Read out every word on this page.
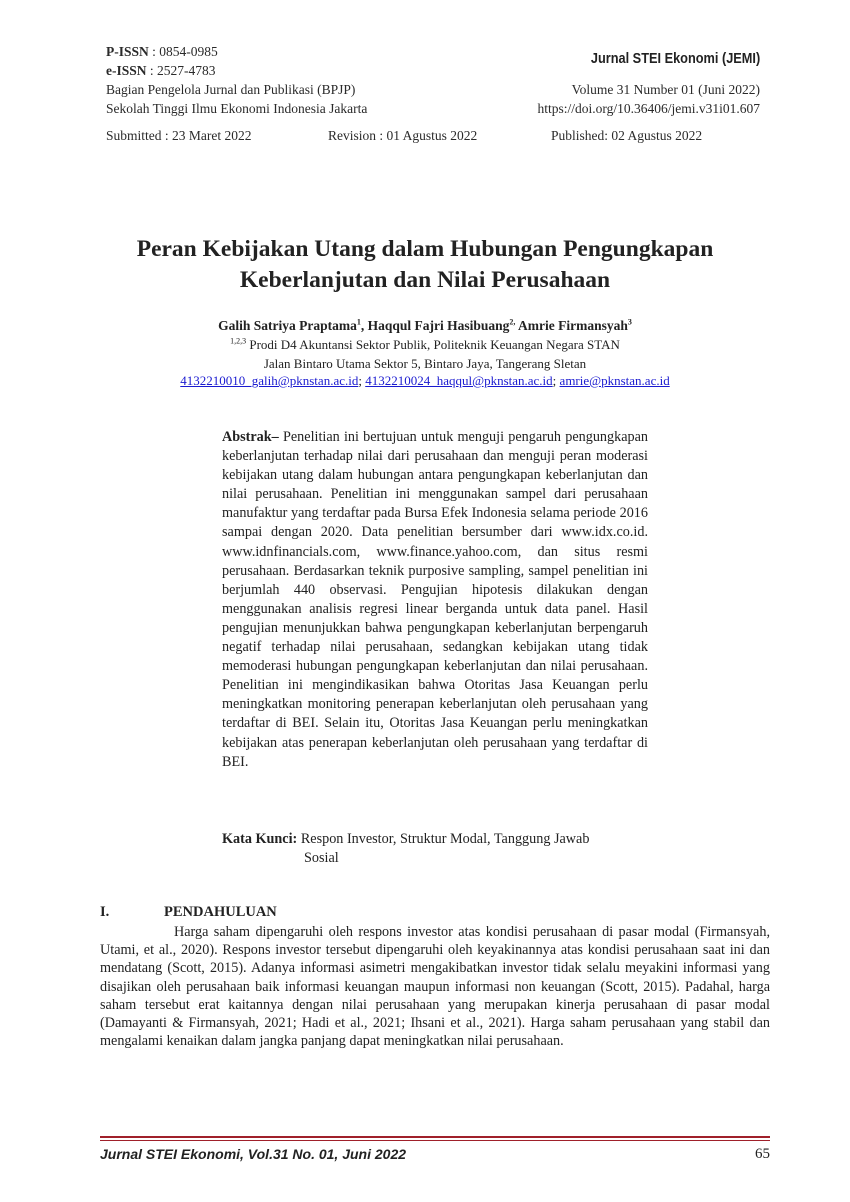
P-ISSN : 0854-0985
e-ISSN : 2527-4783
Bagian Pengelola Jurnal dan Publikasi (BPJP)
Sekolah Tinggi Ilmu Ekonomi Indonesia Jakarta
Jurnal STEI Ekonomi (JEMI)
Volume 31 Number 01 (Juni 2022)
https://doi.org/10.36406/jemi.v31i01.607
Submitted : 23 Maret 2022	Revision : 01 Agustus 2022	Published: 02 Agustus 2022
Peran Kebijakan Utang dalam Hubungan Pengungkapan
Keberlanjutan dan Nilai Perusahaan
Galih Satriya Praptama$^1$, Haqqul Fajri Hasibuang$^{2,}$ Amrie Firmansyah$^3$
$^{1,2,3}$ Prodi D4 Akuntansi Sektor Publik, Politeknik Keuangan Negara STAN
Jalan Bintaro Utama Sektor 5, Bintaro Jaya, Tangerang Sletan
4132210010_galih@pknstan.ac.id; 4132210024_haqqul@pknstan.ac.id; amrie@pknstan.ac.id
Abstrak– Penelitian ini bertujuan untuk menguji pengaruh pengungkapan keberlanjutan terhadap nilai dari perusahaan dan menguji peran moderasi kebijakan utang dalam hubungan antara pengungkapan keberlanjutan dan nilai perusahaan. Penelitian ini menggunakan sampel dari perusahaan manufaktur yang terdaftar pada Bursa Efek Indonesia selama periode 2016 sampai dengan 2020. Data penelitian bersumber dari www.idx.co.id. www.idnfinancials.com, www.finance.yahoo.com, dan situs resmi perusahaan. Berdasarkan teknik purposive sampling, sampel penelitian ini berjumlah 440 observasi. Pengujian hipotesis dilakukan dengan menggunakan analisis regresi linear berganda untuk data panel. Hasil pengujian menunjukkan bahwa pengungkapan keberlanjutan berpengaruh negatif terhadap nilai perusahaan, sedangkan kebijakan utang tidak memoderasi hubungan pengungkapan keberlanjutan dan nilai perusahaan. Penelitian ini mengindikasikan bahwa Otoritas Jasa Keuangan perlu meningkatkan monitoring penerapan keberlanjutan oleh perusahaan yang terdaftar di BEI. Selain itu, Otoritas Jasa Keuangan perlu meningkatkan kebijakan atas penerapan keberlanjutan oleh perusahaan yang terdaftar di BEI.
Kata Kunci: Respon Investor, Struktur Modal, Tanggung Jawab
Sosial
I.	PENDAHULUAN
Harga saham dipengaruhi oleh respons investor atas kondisi perusahaan di pasar modal (Firmansyah, Utami, et al., 2020). Respons investor tersebut dipengaruhi oleh keyakinannya atas kondisi perusahaan saat ini dan mendatang (Scott, 2015). Adanya informasi asimetri mengakibatkan investor tidak selalu meyakini informasi yang disajikan oleh perusahaan baik informasi keuangan maupun informasi non keuangan (Scott, 2015). Padahal, harga saham tersebut erat kaitannya dengan nilai perusahaan yang merupakan kinerja perusahaan di pasar modal (Damayanti & Firmansyah, 2021; Hadi et al., 2021; Ihsani et al., 2021). Harga saham perusahaan yang stabil dan mengalami kenaikan dalam jangka panjang dapat meningkatkan nilai perusahaan.
Jurnal STEI Ekonomi, Vol.31 No. 01, Juni 2022	65
